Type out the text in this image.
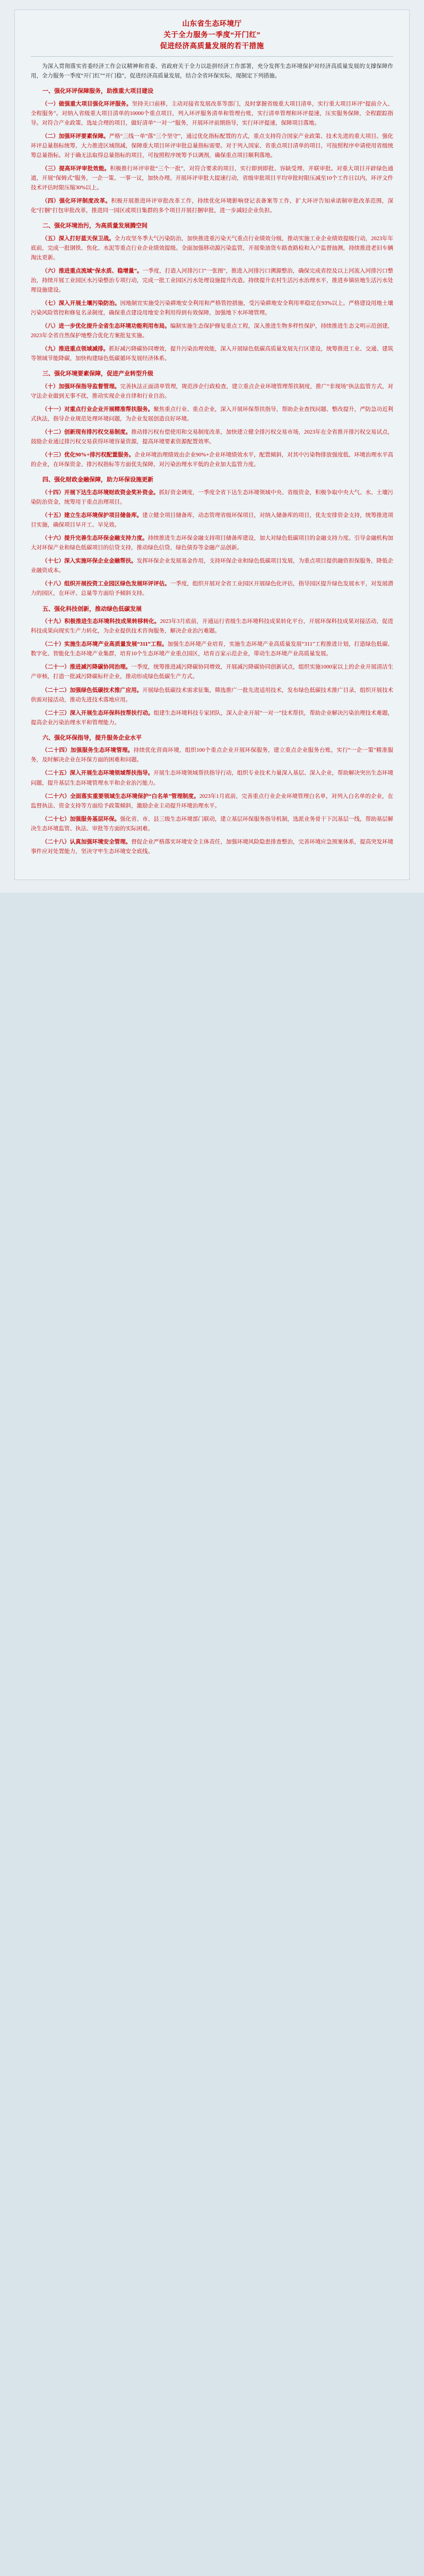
山东省生态环境厅
关于全力服务一季度“开门红”
促进经济高质量发展的若干措施

为深入贯彻落实省委经济工作会议精神和省委、省政府关于全力以赴拼经济工作部署，充分发挥生态环境保护对经济高质量发展的支撑保障作用，全力服务一季度“开门红”“开门稳”，促进经济高质量发展，结合全省环保实际，现制定下列措施。

一、强化环评保障服务，助推重大项目建设

（一）做强重大项目强化环评服务。坚持关口前移，主动对接省发展改革等部门，及时掌握省级重大项目清单，实行重大项目环评“提前介入、全程服务”。对纳入省级重大项目清单的10000个重点项目，列入环评服务清单和管理台账，实行清单管理和环评提速，压实服务保障，全程跟踪指导。对符合产业政策、选址合理的项目，做好清单“一对一”服务，开展环评前期指导，实行环评提速，保障项目落地。

（二）加强环评要素保障。严格“三线一单”落“三个坚守”，通过优化指标配置的方式，重点支持符合国家产业政策、技术先进的重大项目。强化环评总量指标统筹，大力推进区域削减，保障重大项目环评审批总量指标需要。对于列入国家、省重点项目清单的项目，可按照程序申请使用省级统筹总量指标。对于确无法取得总量指标的项目，可按照程序统筹予以调剂，确保重点项目顺利落地。

（三）提高环评审批效能。积极推行环评审批“三个一批”，对符合要求的项目，实行即到即批、容缺受理、并联审批。对重大项目开辟绿色通道，开展“保姆式”服务，一企一策、一事一议，加快办理。开展环评审批大提速行动，省级审批项目平均审批时限压减至10个工作日以内，环评文件技术评估时限压缩30%以上。

（四）强化环评制度改革。积极开展推进环评审批改革工作，持续优化环境影响登记表备案等工作，扩大环评告知承诺制审批改革范围，深化“打捆”打包审批改革，推进同一园区或项目集群的多个项目开展打捆审批，进一步减轻企业负担。

二、强化环境治污，为高质量发展腾空间

（五）深入打好蓝天保卫战。全力攻坚冬季大气污染防治，加快推进重污染天气重点行业绩效分级，推动实施工业企业绩效提级行动，2023年年底前，完成一批钢铁、焦化、水泥等重点行业企业绩效提级。全面加强移动源污染监管，开展柴油货车路查路检和入户监督抽测，持续推进老旧车辆淘汰更新。

（六）推进重点流域“保水质、稳增量”。一季度，打造入河排污口“一张图”，推进入河排污口溯源整治，确保完成省控及以上河流入河排污口整治，持续开展工业园区水污染整治专项行动，完成一批工业园区污水处理设施提升改造。持续提升农村生活污水治理水平，推进乡镇驻地生活污水处理设施建设。

（七）深入开展土壤污染防治。因地制宜实施受污染耕地安全利用和严格管控措施，受污染耕地安全利用率稳定在93%以上。严格建设用地土壤污染风险管控和修复名录制度，确保重点建设用地安全利用得到有效保障，加强地下水环境管理。

（八）进一步优化提升全省生态环境功能利用布局。编制实施生态保护修复重点工程，深入推进生物多样性保护，持续推进生态文明示范创建，2023年全省自然保护地整合优化方案批复实施。

（九）推进重点领域减排。抓好减污降碳协同增效，提升污染治理效能，深入开展绿色低碳高质量发展先行区建设，统筹推进工业、交通、建筑等领域节能降碳，加快构建绿色低碳循环发展经济体系。

三、强化环境要素保障，促进产业转型升级

（十）加强环保指导监督管理。完善执法正面清单管理，规范涉企行政检查，建立重点企业环境管理帮扶制度，推广“非现场”执法监管方式，对守法企业做到无事不扰，推动实现企业自律和行业自治。

（十一）对重点行业企业开展精准帮扶服务。聚焦重点行业、重点企业，深入开展环保帮扶指导，帮助企业查找问题、整改提升，严防急功近利式执法，指导企业规范处理环境问题，为企业发展创造良好环境。

（十二）创新现有排污权交易制度。推动排污权有偿使用和交易制度改革，加快建立健全排污权交易市场，2023年在全省推开排污权交易试点，鼓励企业通过排污权交易获得环境容量资源，提高环境要素资源配置效率。

（十三）优化90%+排污权配置服务。企业环境治理绩效由企业90%+企业环境绩效水平，配置倾斜，对其中污染物排放强度低、环境治理水平高的企业，在环保资金、排污权指标等方面优先保障，对污染治理水平低的企业加大监管力度。

四、强化财政金融保障，助力环保设施更新

（十四）开展下达生态环境财政资金奖补资金。抓好资金调度，一季度全省下达生态环境领域中央、省级资金，积极争取中央大气、水、土壤污染防治资金，统筹用于重点治理项目。

（十五）建立生态环境保护项目储备库。建立健全项目储备库，动态管理省级环保项目，对纳入储备库的项目，优先安排资金支持，统筹推进项目实施，确保项目早开工、早见效。

（十六）提升完善生态环保金融支持力度。持续推进生态环保金融支持项目储备库建设，加大对绿色低碳项目的金融支持力度。引导金融机构加大对环保产业和绿色低碳项目的信贷支持，推动绿色信贷、绿色债券等金融产品创新。

（十七）深入实施环保企业金融帮扶。发挥环保企业发展基金作用，支持环保企业和绿色低碳项目发展，为重点项目提供融资担保服务，降低企业融资成本。

（十八）组织开展投资工业园区绿色发展环评评估。一季度，组织开展对全省工业园区开展绿色化评估，指导园区提升绿色发展水平，对发展潜力的园区，在环评、总量等方面给予倾斜支持。

五、强化科技创新，推动绿色低碳发展

（十九）积极推进生态环境科技成果转移转化。2023年3月底前，开通运行省级生态环境科技成果转化平台，开展环保科技成果对接活动，促进科技成果向现实生产力转化，为企业提供技术咨询服务，解决企业治污难题。

（二十）实施生态环境产业高质量发展“311”工程。加强生态环境产业培育，实施生态环境产业高质量发展“311”工程推进计划，打造绿色低碳、数字化、智能化生态环境产业集群，培育10个生态环境产业重点园区，培育百家示范企业，带动生态环境产业高质量发展。

（二十一）推进减污降碳协同治理。一季度，统筹推进减污降碳协同增效，开展减污降碳协同创新试点，组织实施1000家以上的企业开展清洁生产审核，打造一批减污降碳标杆企业，推动形成绿色低碳生产方式。

（二十二）加强绿色低碳技术推广应用。开展绿色低碳技术需求征集，筛选推广一批先进适用技术，发布绿色低碳技术推广目录，组织开展技术供需对接活动，推动先进技术落地应用。

（二十三）深入开展生态环保科技帮扶行动。组建生态环境科技专家团队，深入企业开展“一对一”技术帮扶，帮助企业解决污染治理技术难题，提高企业污染治理水平和管理能力。

六、强化环保指导，提升服务企业水平

（二十四）加强服务生态环境管理。持续优化营商环境，组织100个重点企业开展环保服务，建立重点企业服务台账，实行“一企一策”精准服务，及时解决企业在环保方面的困难和问题。

（二十五）深入开展生态环境领域帮扶指导。开展生态环境领域帮扶指导行动，组织专业技术力量深入基层、深入企业，帮助解决突出生态环境问题，提升基层生态环境管理水平和企业治污能力。

（二十六）全面落实重要领域生态环境保护“白名单”管理制度。2023年1月底前，完善重点行业企业环境管理白名单，对列入白名单的企业，在监督执法、资金支持等方面给予政策倾斜，激励企业主动提升环境治理水平。

（二十七）加强服务基层环保。强化省、市、县三级生态环境部门联动，建立基层环保服务指导机制，选派业务骨干下沉基层一线，帮助基层解决生态环境监管、执法、审批等方面的实际困难。

（二十八）认真加强环境安全管理。督促企业严格落实环境安全主体责任，加强环境风险隐患排查整治，完善环境应急预案体系，提高突发环境事件应对处置能力，坚决守牢生态环境安全底线。
